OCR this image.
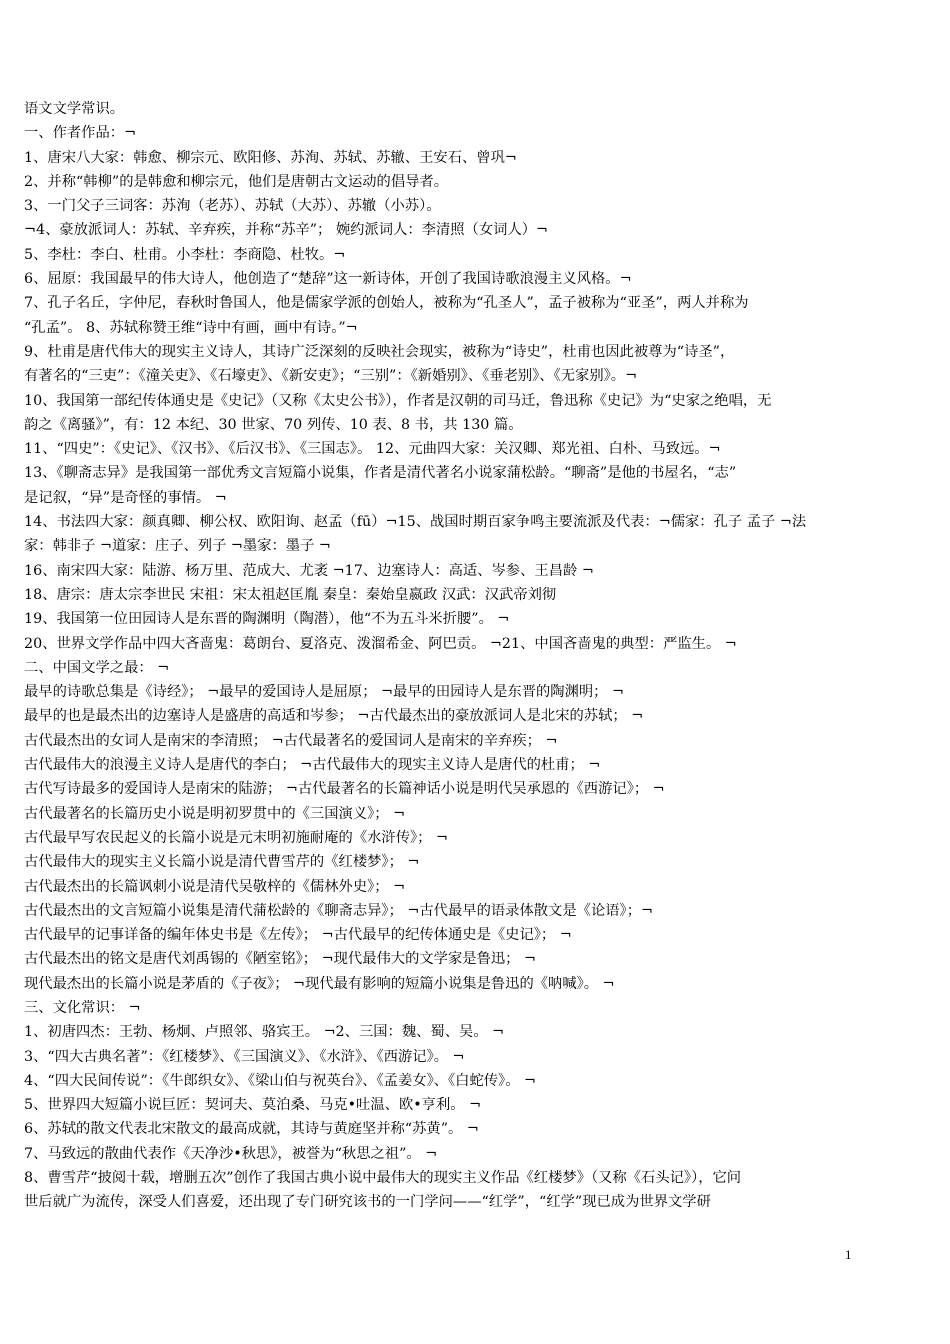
语文文学常识。
一、作者作品：¬
1、唐宋八大家：韩愈、柳宗元、欧阳修、苏洵、苏轼、苏辙、王安石、曾巩¬
2、并称“韩柳”的是韩愈和柳宗元，他们是唐朝古文运动的倡导者。
3、一门父子三词客：苏洵（老苏）、苏轼（大苏）、苏辙（小苏）。
¬4、豪放派词人：苏轼、辛弃疾，并称“苏辛”； 婉约派词人：李清照（女词人）¬
5、李杜：李白、杜甫。小李杜：李商隐、杜牧。¬
6、屈原：我国最早的伟大诗人，他创造了“楚辞”这一新诗体，开创了我国诗歌浪漫主义风格。¬
7、孔子名丘，字仲尼，春秋时鲁国人，他是儒家学派的创始人，被称为“孔圣人”，孟子被称为“亚圣”，两人并称为
“孔孟”。 8、苏轼称赞王维“诗中有画，画中有诗。”¬
9、杜甫是唐代伟大的现实主义诗人，其诗广泛深刻的反映社会现实，被称为“诗史”，杜甫也因此被尊为“诗圣”，
有著名的“三吏”：《潼关吏》、《石壕吏》、《新安吏》；“三别”：《新婚别》、《垂老别》、《无家别》。¬
10、我国第一部纪传体通史是《史记》（又称《太史公书》），作者是汉朝的司马迁，鲁迅称《史记》为“史家之绝唱，无
韵之《离骚》”，有：12 本纪、30 世家、70 列传、10 表、8 书，共 130 篇。
11、“四史”：《史记》、《汉书》、《后汉书》、《三国志》。 12、元曲四大家：关汉卿、郑光祖、白朴、马致远。¬
13、《聊斋志异》是我国第一部优秀文言短篇小说集，作者是清代著名小说家蒲松龄。“聊斋”是他的书屋名，“志”
是记叙，“异”是奇怪的事情。 ¬
14、书法四大家：颜真卿、柳公权、欧阳询、赵孟（fū）¬15、战国时期百家争鸣主要流派及代表：¬儒家：孔子 孟子 ¬法
家：韩非子 ¬道家：庄子、列子 ¬墨家：墨子 ¬
16、南宋四大家：陆游、杨万里、范成大、尤袤 ¬17、边塞诗人：高适、岑参、王昌龄 ¬
18、唐宗：唐太宗李世民 宋祖：宋太祖赵匡胤 秦皇：秦始皇嬴政 汉武：汉武帝刘彻
19、我国第一位田园诗人是东晋的陶渊明（陶潜），他“不为五斗米折腰”。 ¬
20、世界文学作品中四大吝啬鬼：葛朗台、夏洛克、泼溜希金、阿巴贡。 ¬21、中国吝啬鬼的典型：严监生。 ¬
二、中国文学之最： ¬
最早的诗歌总集是《诗经》； ¬最早的爱国诗人是屈原； ¬最早的田园诗人是东晋的陶渊明； ¬
最早的也是最杰出的边塞诗人是盛唐的高适和岑参； ¬古代最杰出的豪放派词人是北宋的苏轼； ¬
古代最杰出的女词人是南宋的李清照； ¬古代最著名的爱国词人是南宋的辛弃疾； ¬
古代最伟大的浪漫主义诗人是唐代的李白； ¬古代最伟大的现实主义诗人是唐代的杜甫； ¬
古代写诗最多的爱国诗人是南宋的陆游； ¬古代最著名的长篇神话小说是明代吴承恩的《西游记》； ¬
古代最著名的长篇历史小说是明初罗贯中的《三国演义》； ¬
古代最早写农民起义的长篇小说是元末明初施耐庵的《水浒传》； ¬
古代最伟大的现实主义长篇小说是清代曹雪芹的《红楼梦》； ¬
古代最杰出的长篇讽刺小说是清代吴敬梓的《儒林外史》； ¬
古代最杰出的文言短篇小说集是清代蒲松龄的《聊斋志异》； ¬古代最早的语录体散文是《论语》；¬
古代最早的记事详备的编年体史书是《左传》； ¬古代最早的纪传体通史是《史记》； ¬
古代最杰出的铭文是唐代刘禹锡的《陋室铭》； ¬现代最伟大的文学家是鲁迅； ¬
现代最杰出的长篇小说是茅盾的《子夜》； ¬现代最有影响的短篇小说集是鲁迅的《呐喊》。 ¬
三、文化常识： ¬
1、初唐四杰：王勃、杨炯、卢照邻、骆宾王。 ¬2、三国：魏、蜀、吴。 ¬
3、“四大古典名著”：《红楼梦》、《三国演义》、《水浒》、《西游记》。 ¬
4、“四大民间传说”：《牛郎织女》、《梁山伯与祝英台》、《孟姜女》、《白蛇传》。 ¬
5、世界四大短篇小说巨匠：契诃夫、莫泊桑、马克•吐温、欧•亨利。 ¬
6、苏轼的散文代表北宋散文的最高成就，其诗与黄庭坚并称“苏黄”。 ¬
7、马致远的散曲代表作《天净沙•秋思》，被誉为“秋思之祖”。 ¬
8、曹雪芹“披阅十载，增删五次”创作了我国古典小说中最伟大的现实主义作品《红楼梦》（又称《石头记》），它问
世后就广为流传，深受人们喜爱，还出现了专门研究该书的一门学问——“红学”，“红学”现已成为世界文学研
1
